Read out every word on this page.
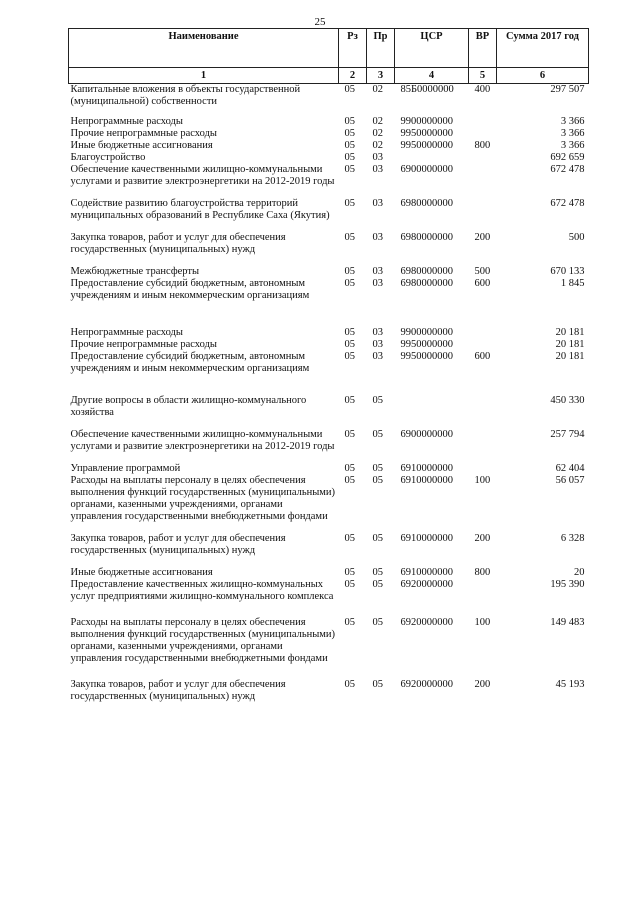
25
Наименование	Рз	Пр	ЦСР	ВР	Сумма 2017 год
1	2	3	4	5	6
Капитальные вложения в объекты государственной (муниципальной) собственности	05	02	85Б0000000	400	297 507
Непрограммные расходы	05	02	9900000000		3 366
Прочие непрограммные расходы	05	02	9950000000		3 366
Иные бюджетные ассигнования	05	02	9950000000	800	3 366
Благоустройство	05	03			692 659
Обеспечение качественными жилищно-коммунальными услугами и развитие электроэнергетики на 2012-2019 годы	05	03	6900000000		672 478
Содействие развитию благоустройства территорий муниципальных образований в Республике Саха (Якутия)	05	03	6980000000		672 478
Закупка товаров, работ и услуг для обеспечения государственных (муниципальных) нужд	05	03	6980000000	200	500
Межбюджетные трансферты	05	03	6980000000	500	670 133
Предоставление субсидий бюджетным, автономным учреждениям и иным некоммерческим организациям	05	03	6980000000	600	1 845
Непрограммные расходы	05	03	9900000000		20 181
Прочие непрограммные расходы	05	03	9950000000		20 181
Предоставление субсидий бюджетным, автономным учреждениям и иным некоммерческим организациям	05	03	9950000000	600	20 181
Другие вопросы в области жилищно-коммунального хозяйства	05	05			450 330
Обеспечение качественными жилищно-коммунальными услугами и развитие электроэнергетики на 2012-2019 годы	05	05	6900000000		257 794
Управление программой	05	05	6910000000		62 404
Расходы на выплаты персоналу в целях обеспечения выполнения функций государственных (муниципальными) органами, казенными учреждениями, органами управления государственными внебюджетными фондами	05	05	6910000000	100	56 057
Закупка товаров, работ и услуг для обеспечения государственных (муниципальных) нужд	05	05	6910000000	200	6 328
Иные бюджетные ассигнования	05	05	6910000000	800	20
Предоставление качественных жилищно-коммунальных услуг предприятиями жилищно-коммунального комплекса	05	05	6920000000		195 390
Расходы на выплаты персоналу в целях обеспечения выполнения функций государственных (муниципальными) органами, казенными учреждениями, органами управления государственными внебюджетными фондами	05	05	6920000000	100	149 483
Закупка товаров, работ и услуг для обеспечения государственных (муниципальных) нужд	05	05	6920000000	200	45 193
